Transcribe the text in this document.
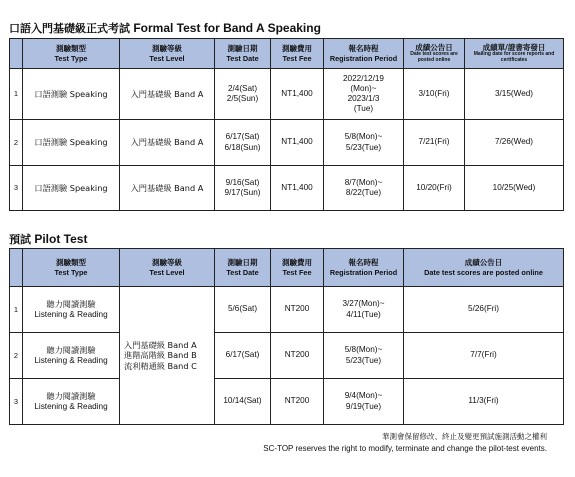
口語入門基礎級正式考試 Formal Test for Band A Speaking

	測驗類型
Test Type	測驗等級
Test Level	測驗日期
Test Date	測驗費用
Test Fee	報名時程
Registration Period	成績公告日
Date test scores are posted online	成績單/證書寄發日
Mailing date for score reports and certificates

1	口語測驗 Speaking	入門基礎級 Band A	2/4(Sat)
2/5(Sun)	NT1,400	2022/12/19
(Mon)~
2023/1/3
(Tue)	3/10(Fri)	3/15(Wed)
2	口語測驗 Speaking	入門基礎級 Band A	6/17(Sat)
6/18(Sun)	NT1,400	5/8(Mon)~
5/23(Tue)	7/21(Fri)	7/26(Wed)
3	口語測驗 Speaking	入門基礎級 Band A	9/16(Sat)
9/17(Sun)	NT1,400	8/7(Mon)~
8/22(Tue)	10/20(Fri)	10/25(Wed)
預試 Pilot Test

	測驗類型
Test Type	測驗等級
Test Level	測驗日期
Test Date	測驗費用
Test Fee	報名時程
Registration Period	成績公告日
Date test scores are posted online

1	聽力閱讀測驗
Listening & Reading	入門基礎級 Band A
進階高階級 Band B
流利精通級 Band C	5/6(Sat)	NT200	3/27(Mon)~
4/11(Tue)	5/26(Fri)
2	聽力閱讀測驗
Listening & Reading		6/17(Sat)	NT200	5/8(Mon)~
5/23(Tue)	7/7(Fri)
3	聽力閱讀測驗
Listening & Reading		10/14(Sat)	NT200	9/4(Mon)~
9/19(Tue)	11/3(Fri)
華測會保留修改、終止及變更預試施測活動之權利
SC-TOP reserves the right to modify, terminate and change the pilot-test events.
